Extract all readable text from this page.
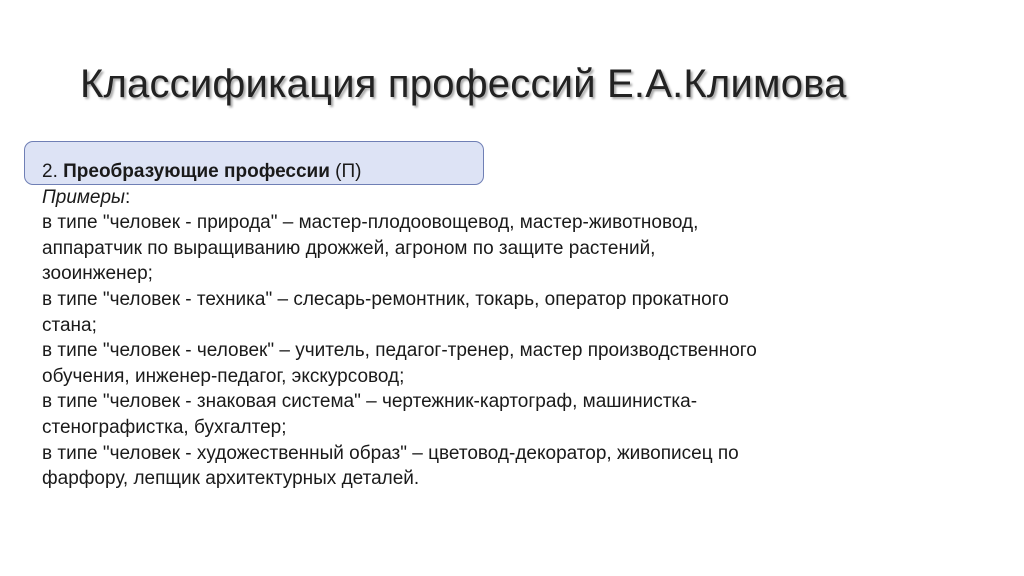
Классификация профессий Е.А.Климова
2. Преобразующие профессии (П)
Примеры:
в типе "человек - природа" – мастер-плодоовощевод, мастер-животновод,
аппаратчик по выращиванию дрожжей, агроном по защите растений,
зооинженер;
в типе "человек - техника" – слесарь-ремонтник, токарь, оператор прокатного
стана;
в типе "человек - человек" – учитель, педагог-тренер, мастер производственного
обучения, инженер-педагог, экскурсовод;
в типе "человек - знаковая система" – чертежник-картограф, машинистка-
стенографистка, бухгалтер;
в типе "человек - художественный образ" – цветовод-декоратор, живописец по
фарфору, лепщик архитектурных деталей.
